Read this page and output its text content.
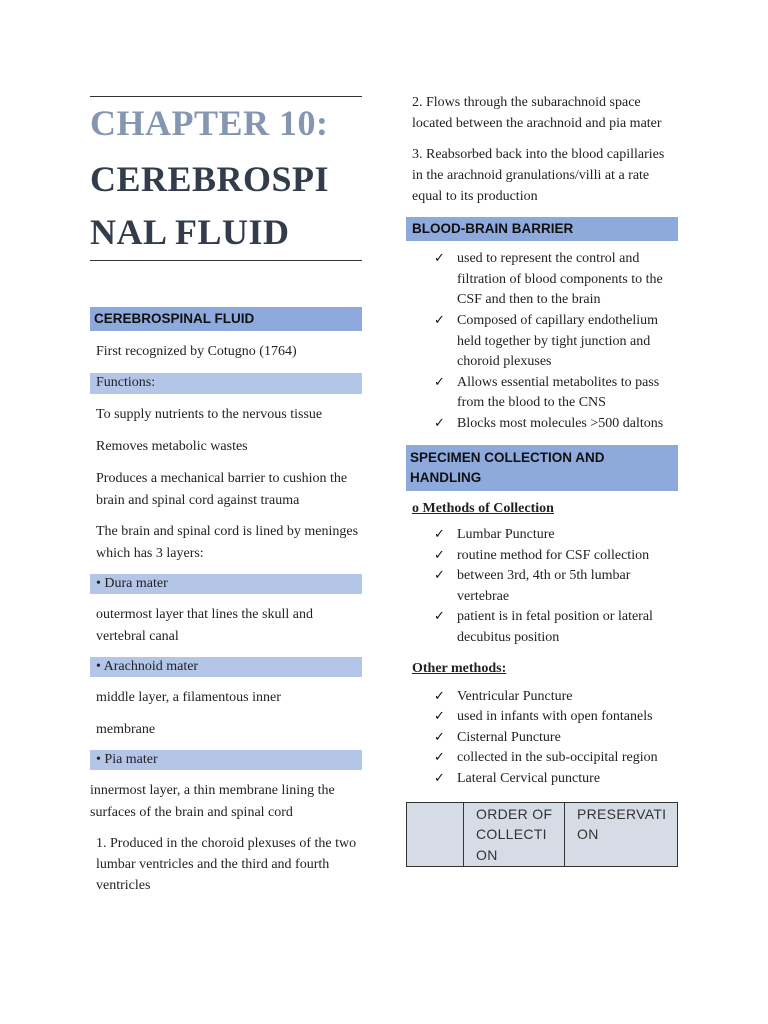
CHAPTER 10:
CEREBROSPINAL FLUID
CEREBROSPINAL FLUID
First recognized by Cotugno (1764)
Functions:
To supply nutrients to the nervous tissue
Removes metabolic wastes
Produces a mechanical barrier to cushion the brain and spinal cord against trauma
The brain and spinal cord is lined by meninges which has 3 layers:
• Dura mater
outermost layer that lines the skull and vertebral canal
• Arachnoid mater
middle layer, a filamentous inner
membrane
• Pia mater
innermost layer, a thin membrane lining the surfaces of the brain and spinal cord
1. Produced in the choroid plexuses of the two lumbar ventricles and the third and fourth ventricles
2. Flows through the subarachnoid space located between the arachnoid and pia mater
3. Reabsorbed back into the blood capillaries in the arachnoid granulations/villi at a rate equal to its production
BLOOD-BRAIN BARRIER
✓ used to represent the control and filtration of blood components to the CSF and then to the brain
✓ Composed of capillary endothelium held together by tight junction and choroid plexuses
✓ Allows essential metabolites to pass from the blood to the CNS
✓ Blocks most molecules >500 daltons
SPECIMEN COLLECTION AND HANDLING
o Methods of Collection
✓ Lumbar Puncture
✓ routine method for CSF collection
✓ between 3rd, 4th or 5th lumbar vertebrae
✓ patient is in fetal position or lateral decubitus position
Other methods:
✓ Ventricular Puncture
✓ used in infants with open fontanels
✓ Cisternal Puncture
✓ collected in the sub-occipital region
✓ Lateral Cervical puncture
	ORDER OF COLLECTION	PRESERVATION
